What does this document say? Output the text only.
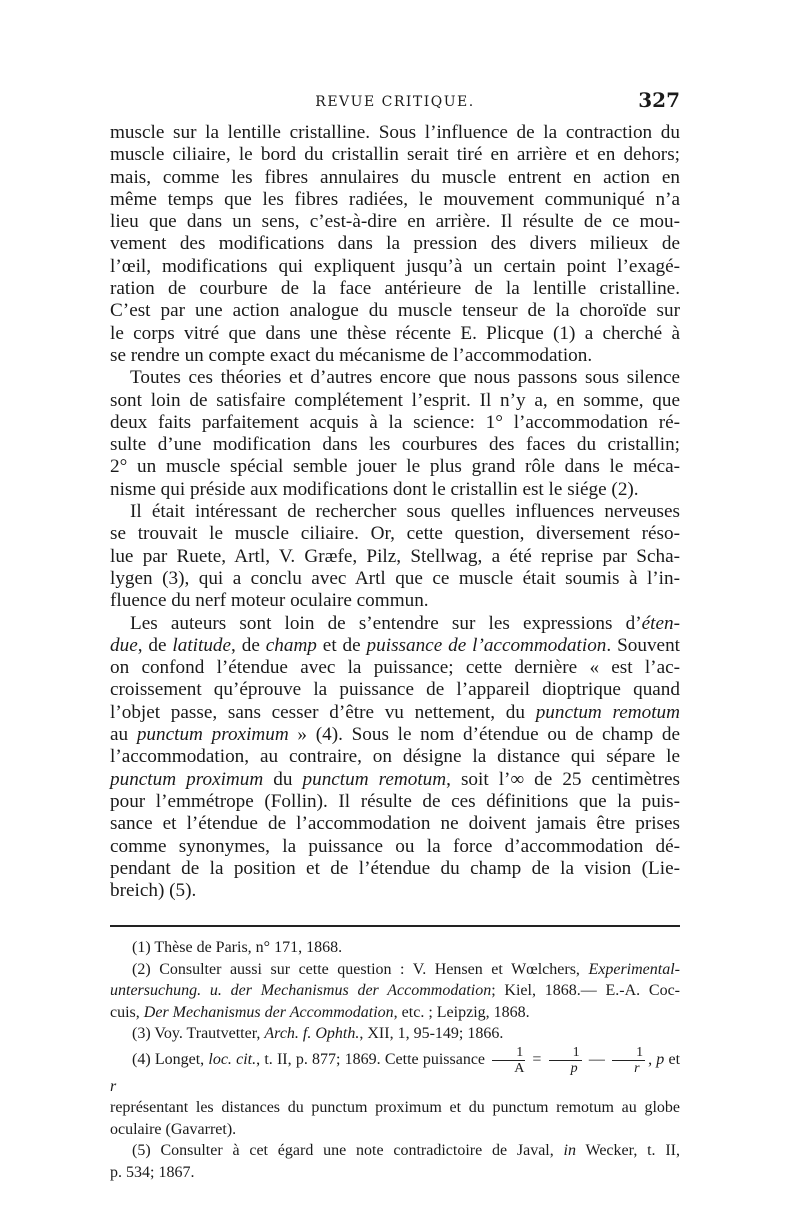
REVUE CRITIQUE.	327

muscle sur la lentille cristalline. Sous l’influence de la contraction du
muscle ciliaire, le bord du cristallin serait tiré en arrière et en dehors;
mais, comme les fibres annulaires du muscle entrent en action en
même temps que les fibres radiées, le mouvement communiqué n’a
lieu que dans un sens, c’est-à-dire en arrière. Il résulte de ce mou-
vement des modifications dans la pression des divers milieux de
l’œil, modifications qui expliquent jusqu’à un certain point l’exagé-
ration de courbure de la face antérieure de la lentille cristalline.
C’est par une action analogue du muscle tenseur de la choroïde sur
le corps vitré que dans une thèse récente E. Plicque (1) a cherché à
se rendre un compte exact du mécanisme de l’accommodation.

Toutes ces théories et d’autres encore que nous passons sous silence
sont loin de satisfaire complétement l’esprit. Il n’y a, en somme, que
deux faits parfaitement acquis à la science: 1° l’accommodation ré-
sulte d’une modification dans les courbures des faces du cristallin;
2° un muscle spécial semble jouer le plus grand rôle dans le méca-
nisme qui préside aux modifications dont le cristallin est le siége (2).

Il était intéressant de rechercher sous quelles influences nerveuses
se trouvait le muscle ciliaire. Or, cette question, diversement réso-
lue par Ruete, Artl, V. Græfe, Pilz, Stellwag, a été reprise par Scha-
lygen (3), qui a conclu avec Artl que ce muscle était soumis à l’in-
fluence du nerf moteur oculaire commun.

Les auteurs sont loin de s’entendre sur les expressions d’éten-
due, de latitude, de champ et de puissance de l’accommodation. Souvent
on confond l’étendue avec la puissance; cette dernière « est l’ac-
croissement qu’éprouve la puissance de l’appareil dioptrique quand
l’objet passe, sans cesser d’être vu nettement, du punctum remotum
au punctum proximum » (4). Sous le nom d’étendue ou de champ de
l’accommodation, au contraire, on désigne la distance qui sépare le
punctum proximum du punctum remotum, soit l’∞ de 25 centimètres
pour l’emmétrope (Follin). Il résulte de ces définitions que la puis-
sance et l’étendue de l’accommodation ne doivent jamais être prises
comme synonymes, la puissance ou la force d’accommodation dé-
pendant de la position et de l’étendue du champ de la vision (Lie-
breich) (5).

(1) Thèse de Paris, n° 171, 1868.
(2) Consulter aussi sur cette question : V. Hensen et Wœlchers, Experimental-
untersuchung. u. der Mechanismus der Accommodation; Kiel, 1868.— E.-A. Coc-
cuis, Der Mechanismus der Accommodation, etc. ; Leipzig, 1868.
(3) Voy. Trautvetter, Arch. f. Ophth., XII, 1, 95-149; 1866.
(4) Longet, loc. cit., t. II, p. 877; 1869. Cette puissance $\frac{1}{A} = \frac{1}{p}$ — $\frac{1}{r}$ , p et r
représentant les distances du punctum proximum et du punctum remotum au globe
oculaire (Gavarret).
(5) Consulter à cet égard une note contradictoire de Javal, in Wecker, t. II,
p. 534; 1867.
